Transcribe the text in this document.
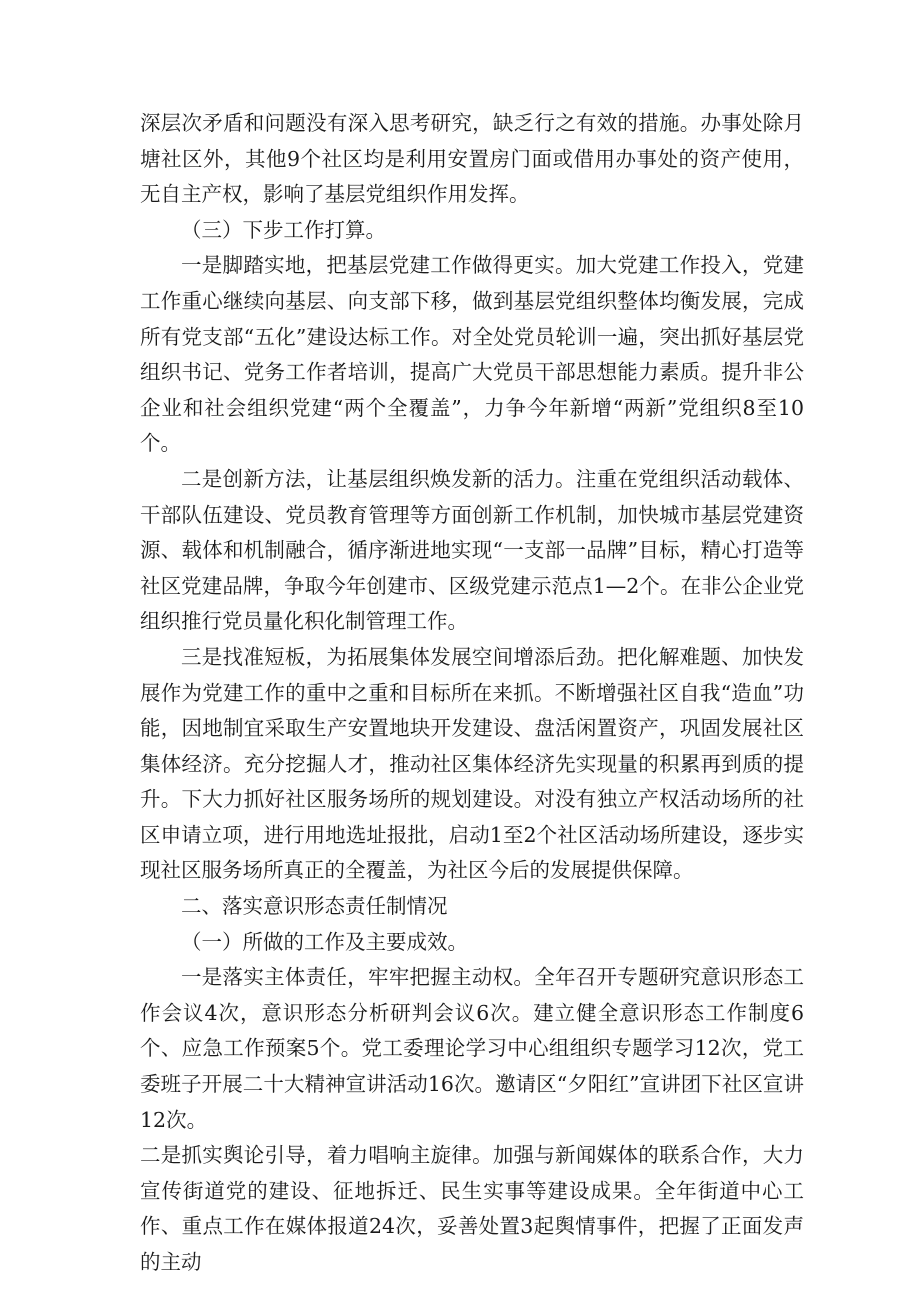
深层次矛盾和问题没有深入思考研究，缺乏行之有效的措施。办事处除月塘社区外，其他9个社区均是利用安置房门面或借用办事处的资产使用，无自主产权，影响了基层党组织作用发挥。

（三）下步工作打算。

一是脚踏实地，把基层党建工作做得更实。加大党建工作投入，党建工作重心继续向基层、向支部下移，做到基层党组织整体均衡发展，完成所有党支部“五化”建设达标工作。对全处党员轮训一遍，突出抓好基层党组织书记、党务工作者培训，提高广大党员干部思想能力素质。提升非公企业和社会组织党建“两个全覆盖”，力争今年新增“两新”党组织8至10个。

二是创新方法，让基层组织焕发新的活力。注重在党组织活动载体、干部队伍建设、党员教育管理等方面创新工作机制，加快城市基层党建资源、载体和机制融合，循序渐进地实现“一支部一品牌”目标，精心打造等社区党建品牌，争取今年创建市、区级党建示范点1—2个。在非公企业党组织推行党员量化积化制管理工作。

三是找准短板，为拓展集体发展空间增添后劲。把化解难题、加快发展作为党建工作的重中之重和目标所在来抓。不断增强社区自我“造血”功能，因地制宜采取生产安置地块开发建设、盘活闲置资产，巩固发展社区集体经济。充分挖掘人才，推动社区集体经济先实现量的积累再到质的提升。下大力抓好社区服务场所的规划建设。对没有独立产权活动场所的社区申请立项，进行用地选址报批，启动1至2个社区活动场所建设，逐步实现社区服务场所真正的全覆盖，为社区今后的发展提供保障。

二、落实意识形态责任制情况

（一）所做的工作及主要成效。

一是落实主体责任，牢牢把握主动权。全年召开专题研究意识形态工作会议4次，意识形态分析研判会议6次。建立健全意识形态工作制度6个、应急工作预案5个。党工委理论学习中心组组织专题学习12次，党工委班子开展二十大精神宣讲活动16次。邀请区“夕阳红”宣讲团下社区宣讲12次。

二是抓实舆论引导，着力唱响主旋律。加强与新闻媒体的联系合作，大力宣传街道党的建设、征地拆迁、民生实事等建设成果。全年街道中心工作、重点工作在媒体报道24次，妥善处置3起舆情事件，把握了正面发声的主动
